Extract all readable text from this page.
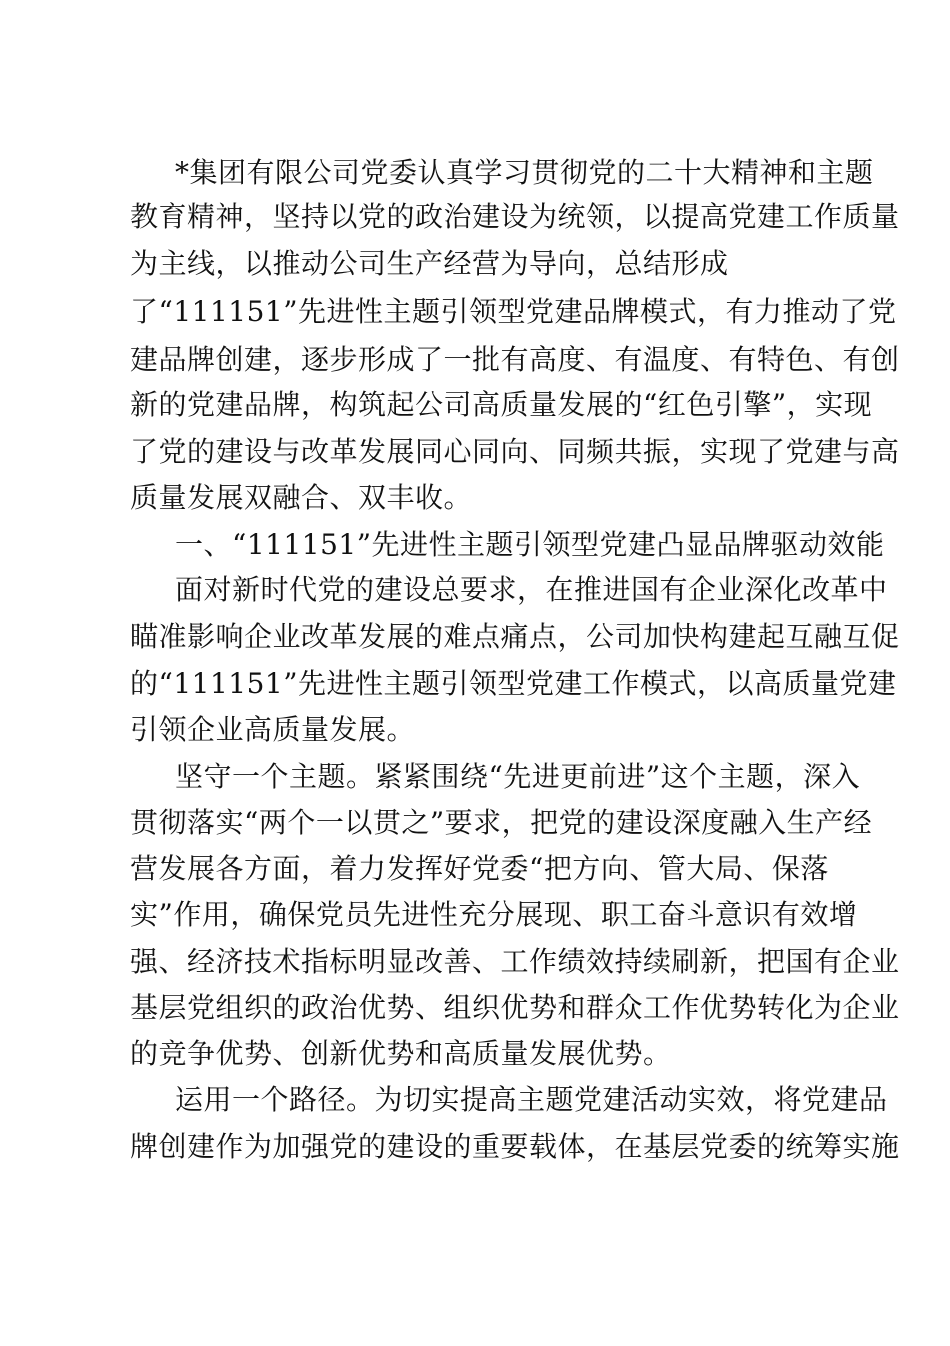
*集团有限公司党委认真学习贯彻党的二十大精神和主题
教育精神，坚持以党的政治建设为统领，以提高党建工作质量
为主线，以推动公司生产经营为导向，总结形成
了“111151”先进性主题引领型党建品牌模式，有力推动了党
建品牌创建，逐步形成了一批有高度、有温度、有特色、有创
新的党建品牌，构筑起公司高质量发展的“红色引擎”，实现
了党的建设与改革发展同心同向、同频共振，实现了党建与高
质量发展双融合、双丰收。
一、“111151”先进性主题引领型党建凸显品牌驱动效能
面对新时代党的建设总要求，在推进国有企业深化改革中
瞄准影响企业改革发展的难点痛点，公司加快构建起互融互促
的“111151”先进性主题引领型党建工作模式，以高质量党建
引领企业高质量发展。
坚守一个主题。紧紧围绕“先进更前进”这个主题，深入
贯彻落实“两个一以贯之”要求，把党的建设深度融入生产经
营发展各方面，着力发挥好党委“把方向、管大局、保落
实”作用，确保党员先进性充分展现、职工奋斗意识有效增
强、经济技术指标明显改善、工作绩效持续刷新，把国有企业
基层党组织的政治优势、组织优势和群众工作优势转化为企业
的竞争优势、创新优势和高质量发展优势。
运用一个路径。为切实提高主题党建活动实效，将党建品
牌创建作为加强党的建设的重要载体，在基层党委的统筹实施
